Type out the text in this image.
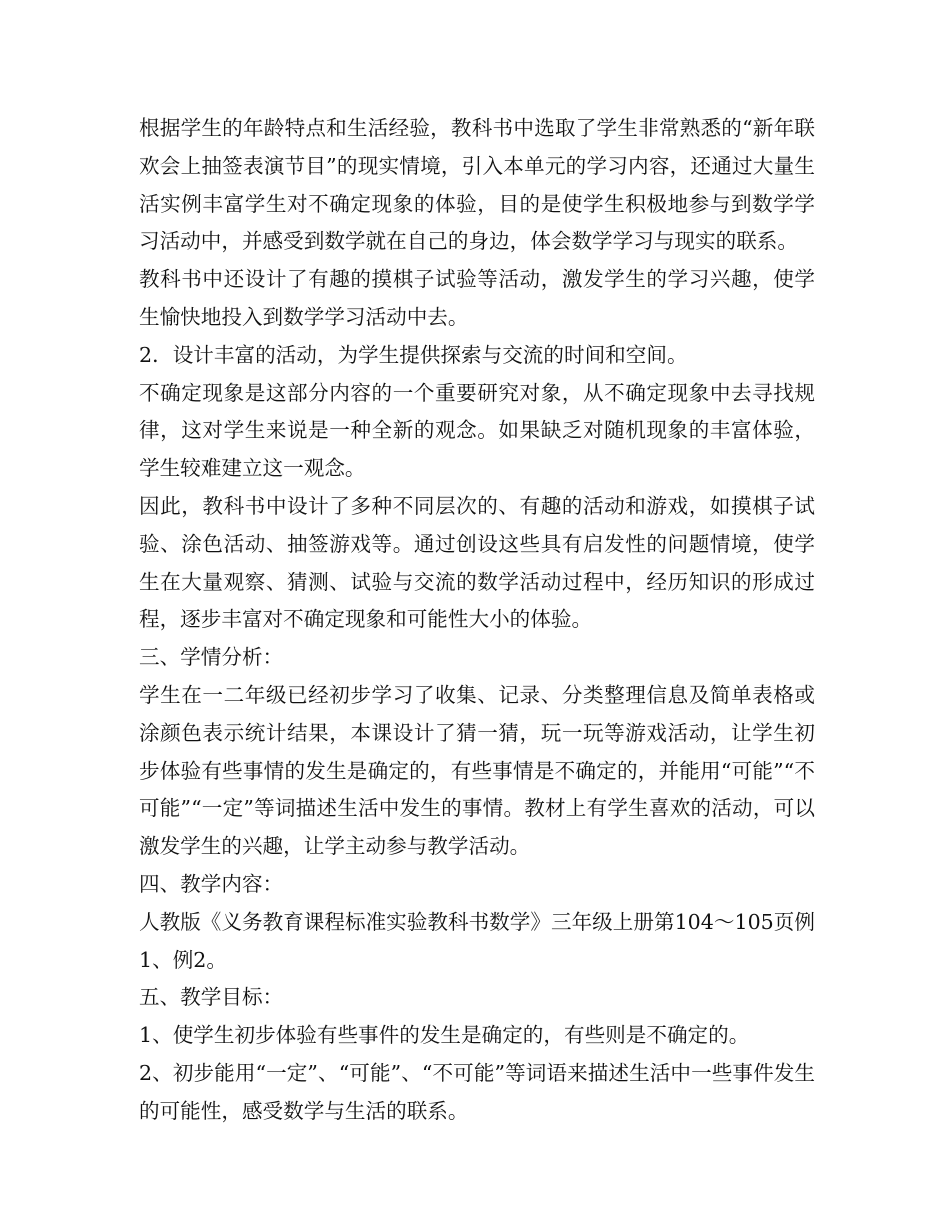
根据学生的年龄特点和生活经验，教科书中选取了学生非常熟悉的“新年联欢会上抽签表演节目”的现实情境，引入本单元的学习内容，还通过大量生活实例丰富学生对不确定现象的体验，目的是使学生积极地参与到数学学习活动中，并感受到数学就在自己的身边，体会数学学习与现实的联系。

教科书中还设计了有趣的摸棋子试验等活动，激发学生的学习兴趣，使学生愉快地投入到数学学习活动中去。

2．设计丰富的活动，为学生提供探索与交流的时间和空间。

不确定现象是这部分内容的一个重要研究对象，从不确定现象中去寻找规律，这对学生来说是一种全新的观念。如果缺乏对随机现象的丰富体验，学生较难建立这一观念。

因此，教科书中设计了多种不同层次的、有趣的活动和游戏，如摸棋子试验、涂色活动、抽签游戏等。通过创设这些具有启发性的问题情境，使学生在大量观察、猜测、试验与交流的数学活动过程中，经历知识的形成过程，逐步丰富对不确定现象和可能性大小的体验。

三、学情分析：

学生在一二年级已经初步学习了收集、记录、分类整理信息及简单表格或涂颜色表示统计结果，本课设计了猜一猜，玩一玩等游戏活动，让学生初步体验有些事情的发生是确定的，有些事情是不确定的，并能用“可能”“不可能”“一定”等词描述生活中发生的事情。教材上有学生喜欢的活动，可以激发学生的兴趣，让学主动参与教学活动。

四、教学内容：

人教版《义务教育课程标准实验教科书数学》三年级上册第104～105页例1、例2。

五、教学目标：

1、使学生初步体验有些事件的发生是确定的，有些则是不确定的。

2、初步能用“一定”、“可能”、“不可能”等词语来描述生活中一些事件发生的可能性，感受数学与生活的联系。
